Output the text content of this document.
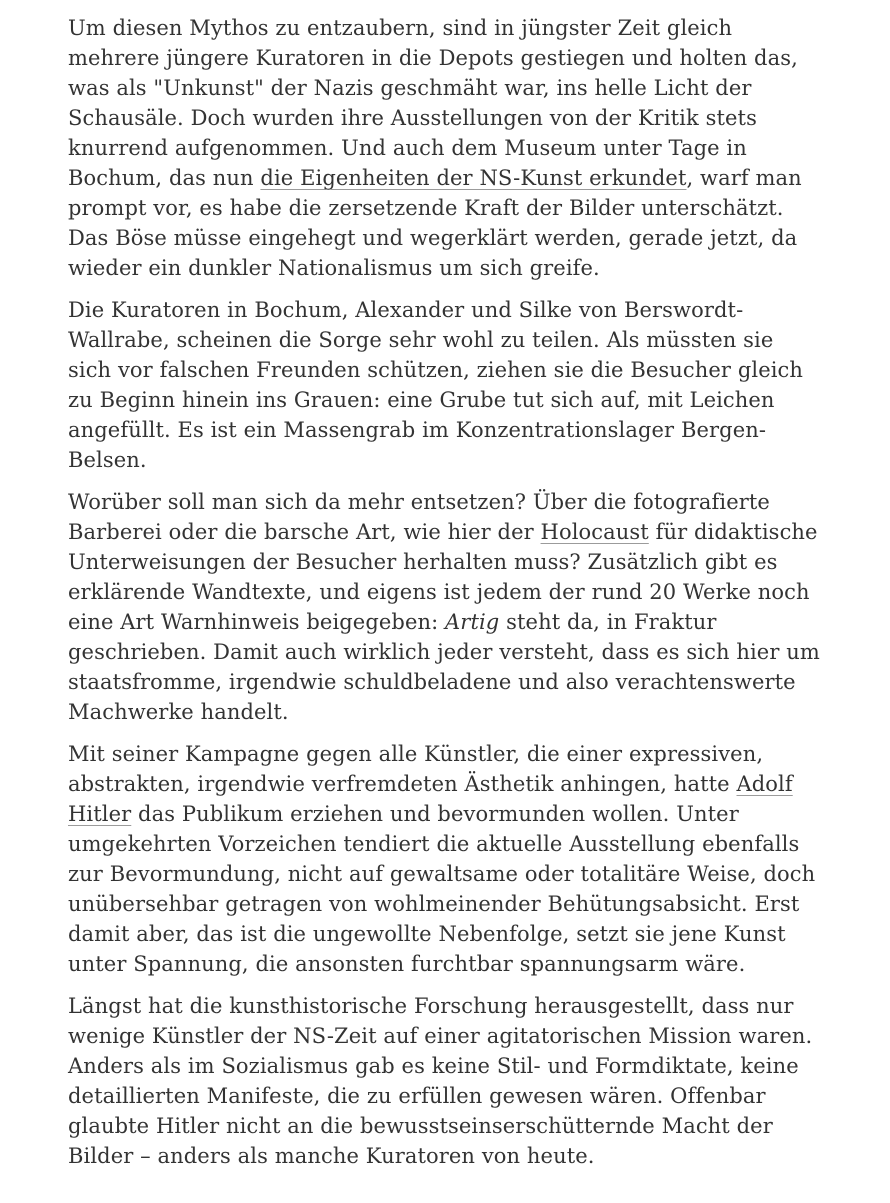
Um diesen Mythos zu entzaubern, sind in jüngster Zeit gleich mehrere jüngere Kuratoren in die Depots gestiegen und holten das, was als "Unkunst" der Nazis geschmäht war, ins helle Licht der Schausäle. Doch wurden ihre Ausstellungen von der Kritik stets knurrend aufgenommen. Und auch dem Museum unter Tage in Bochum, das nun die Eigenheiten der NS-Kunst erkundet, warf man prompt vor, es habe die zersetzende Kraft der Bilder unterschätzt. Das Böse müsse eingehegt und wegerklärt werden, gerade jetzt, da wieder ein dunkler Nationalismus um sich greife.

Die Kuratoren in Bochum, Alexander und Silke von Berswordt-Wallrabe, scheinen die Sorge sehr wohl zu teilen. Als müssten sie sich vor falschen Freunden schützen, ziehen sie die Besucher gleich zu Beginn hinein ins Grauen: eine Grube tut sich auf, mit Leichen angefüllt. Es ist ein Massengrab im Konzentrationslager Bergen-Belsen.

Worüber soll man sich da mehr entsetzen? Über die fotografierte Barberei oder die barsche Art, wie hier der Holocaust für didaktische Unterweisungen der Besucher herhalten muss? Zusätzlich gibt es erklärende Wandtexte, und eigens ist jedem der rund 20 Werke noch eine Art Warnhinweis beigegeben: Artig steht da, in Fraktur geschrieben. Damit auch wirklich jeder versteht, dass es sich hier um staatsfromme, irgendwie schuldbeladene und also verachtenswerte Machwerke handelt.

Mit seiner Kampagne gegen alle Künstler, die einer expressiven, abstrakten, irgendwie verfremdeten Ästhetik anhingen, hatte Adolf Hitler das Publikum erziehen und bevormunden wollen. Unter umgekehrten Vorzeichen tendiert die aktuelle Ausstellung ebenfalls zur Bevormundung, nicht auf gewaltsame oder totalitäre Weise, doch unübersehbar getragen von wohlmeinender Behütungsabsicht. Erst damit aber, das ist die ungewollte Nebenfolge, setzt sie jene Kunst unter Spannung, die ansonsten furchtbar spannungsarm wäre.

Längst hat die kunsthistorische Forschung herausgestellt, dass nur wenige Künstler der NS-Zeit auf einer agitatorischen Mission waren. Anders als im Sozialismus gab es keine Stil- und Formdiktate, keine detaillierten Manifeste, die zu erfüllen gewesen wären. Offenbar glaubte Hitler nicht an die bewusstseinserschütternde Macht der Bilder – anders als manche Kuratoren von heute.
